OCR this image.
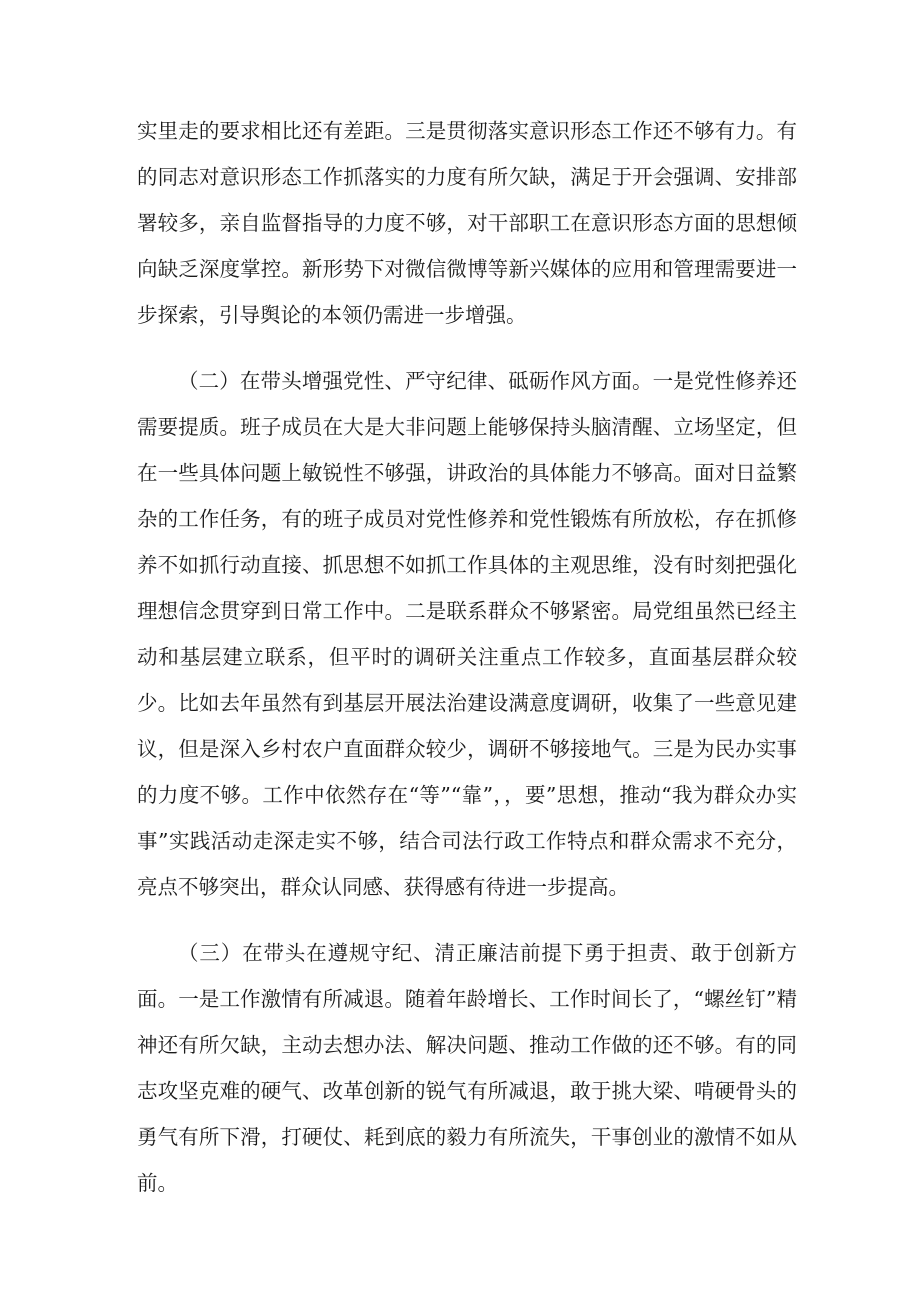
实里走的要求相比还有差距。三是贯彻落实意识形态工作还不够有力。有的同志对意识形态工作抓落实的力度有所欠缺，满足于开会强调、安排部署较多，亲自监督指导的力度不够，对干部职工在意识形态方面的思想倾向缺乏深度掌控。新形势下对微信微博等新兴媒体的应用和管理需要进一步探索，引导舆论的本领仍需进一步增强。

（二）在带头增强党性、严守纪律、砥砺作风方面。一是党性修养还需要提质。班子成员在大是大非问题上能够保持头脑清醒、立场坚定，但在一些具体问题上敏锐性不够强，讲政治的具体能力不够高。面对日益繁杂的工作任务，有的班子成员对党性修养和党性锻炼有所放松，存在抓修养不如抓行动直接、抓思想不如抓工作具体的主观思维，没有时刻把强化理想信念贯穿到日常工作中。二是联系群众不够紧密。局党组虽然已经主动和基层建立联系，但平时的调研关注重点工作较多，直面基层群众较少。比如去年虽然有到基层开展法治建设满意度调研，收集了一些意见建议，但是深入乡村农户直面群众较少，调研不够接地气。三是为民办实事的力度不够。工作中依然存在“等”“靠”，，要”思想，推动“我为群众办实事”实践活动走深走实不够，结合司法行政工作特点和群众需求不充分，亮点不够突出，群众认同感、获得感有待进一步提高。

（三）在带头在遵规守纪、清正廉洁前提下勇于担责、敢于创新方面。一是工作激情有所减退。随着年龄增长、工作时间长了，“螺丝钉”精神还有所欠缺，主动去想办法、解决问题、推动工作做的还不够。有的同志攻坚克难的硬气、改革创新的锐气有所减退，敢于挑大梁、啃硬骨头的勇气有所下滑，打硬仗、耗到底的毅力有所流失，干事创业的激情不如从前。
